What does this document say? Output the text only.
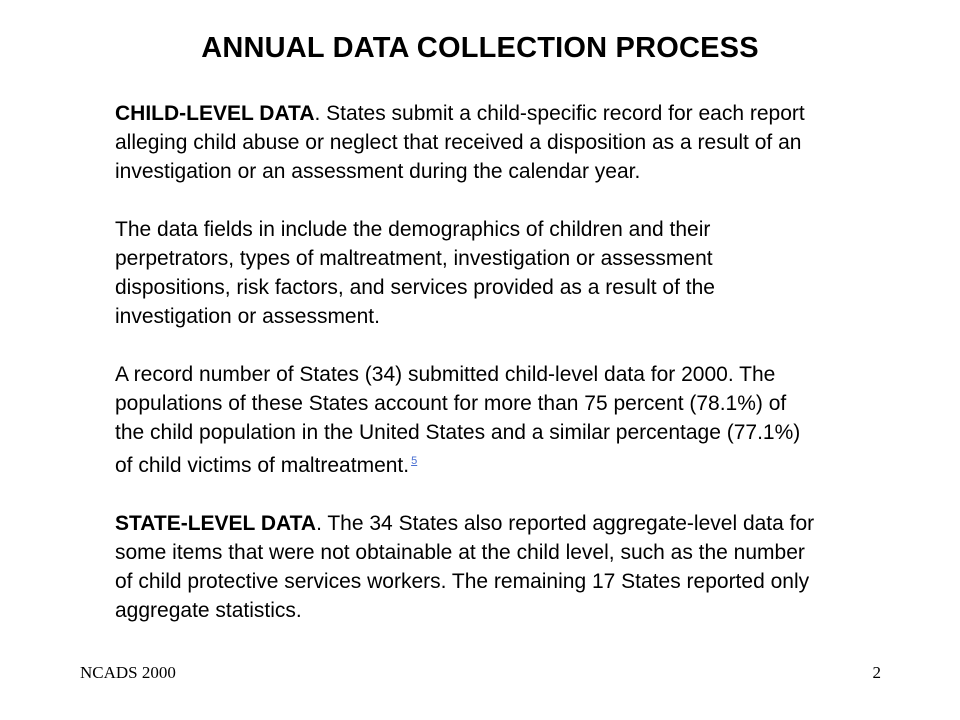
ANNUAL DATA COLLECTION PROCESS

CHILD-LEVEL DATA. States submit a child-specific record for each report alleging child abuse or neglect that received a disposition as a result of an investigation or an assessment during the calendar year.

The data fields in include the demographics of children and their perpetrators, types of maltreatment, investigation or assessment dispositions, risk factors, and services provided as a result of the investigation or assessment.

A record number of States (34) submitted child-level data for 2000. The populations of these States account for more than 75 percent (78.1%) of the child population in the United States and a similar percentage (77.1%) of child victims of maltreatment. $^5$

STATE-LEVEL DATA. The 34 States also reported aggregate-level data for some items that were not obtainable at the child level, such as the number of child protective services workers. The remaining 17 States reported only aggregate statistics.

NCADS 2000	2
